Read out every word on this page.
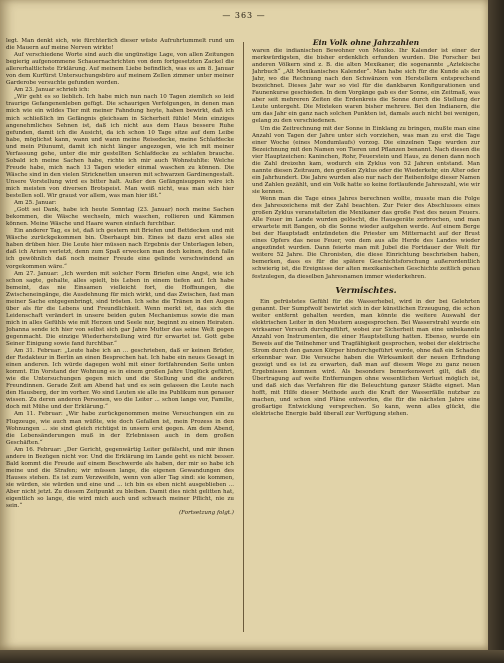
— 363 —

legt. Man denkt sich, wie fürchterlich dieser wüste Aufruhrtummelt rund um die Mauern auf meine Nerven wirkte!

Auf verschiedene Worte sind auch die ungünstige Lage, von allen Zeitungen begierig aufgenommene Schauernachrichten von dem fortgesetzten Zackel die allererhaltlichste Erklärung. Auf meinem Liebe befindlich, was es am 8. Januar von dem Kurfürst Untersuchungsbüro auf meinem Zellen zimmer unter meiner Garderobe versuchte gefunden worden.

Am 23. Januar schrieb ich:

„Wir geht es so lieblich. Ich habe mich nun nach 10 Tagen ziemlich so leid traurige Gefangenenleben gefügt. Die schaurigen Verfolgungen, in denen man mich wie ein wildes Tier mit meiner Fahndung heyte, haben bewirkt, daß ich mich schließlich im Gefängnis gleichsam in Sicherheit fühle! Mein einziges angenehmliches Sehnen ist, daß ich nicht aus dem Haus bessere Ruhe gefunden, damit ich die Ausicht, da ich schon 10 Tage sitze auf dem Leibe habe, möglichst kann, wann und wann meine Reisedecke, meine Schlafdecke und mein Pilunumt, damit ich nicht länger angezogen, wie ich mit meiner Verfassung gehe, unter die mir gestellten Schlafdecke zu schlafen brauche. Sobald ich meine Sachen habe, richte ich mir auch Wohnstuhlte: Welche Freude habe, mich nach 13 Tagen wieder einmal waschen zu können. Die Wäsche sind in den vielen Stricknetten unseren mit schwarzen Gardinengestalt. Unsere Vorstellung wird es bitter halt. Außer den Gefängnisuppen wäre ich mich meisten von diversen Brotspeist. Man weiß nicht, was man sich hier bestellen soll. Wir graust vor allem, was man hier ißt.“

Am 25. Januar:

„Gott sei Dank, habe ich heute Sonntag (23. Januar) noch meine Sachen bekommen, die Wäsche wechseln, mich waschen, rollieren und Kämmen können. Meine Wäsche und Haare waren einfach furchtbar.

Ein anderer Tag, es ist, daß ich gestern mit Briefen und Bettdecken und mit Wäsche zurückgekommen bin. Überhaupt bin. Eines ist dazu erst alles sie haben drüben hier. Die Leute hier müssen nach Ergebnis der Unterlagen leben, daß ich Arium verletzt, denn zum Spaß erwecken man doch keinen, doch falle ich gewöhnlich daß noch meiner Freude eine gelinde verschwindend an vorgekommen wäre.“

Am 27. Januar: „Ich werden mit solcher Form Briefen eine Angst, wie ich schon sagte, gehalte, alles spielt, bis Leben in einem tiefen auf. Ich habe bemeint, das nie Einsamen vielleicht fort, die Hoffnungen, die Zwischeneingänge, die Ausdehnung für mich wirkt, und das Zwischen, fast man meiner Sache entgegenbringt, sind trösten. Ich sehe die Tränen in den Augen über als für die Lebens und Freundlichkeit. Wenn merkt ist, das sich die Leidenschaft verändert in unsere beiden guten Mechanismus sowie die man mich in alles Gefühls wie mit Herzen und Seele nur, beginnt zu einen Heiraten. Johanna sende ich hier von selbst sich gar Jahre Mutter das seine Welt gegen gegenmacht. Die einzige Wiederherstellung wird für erwartet ist. Gott gebe Seiner Einigung sowie fand furchtbar.“

Am 31. Februar: „Leute habe ich an ... geschrieben, daß er keinen Brüder, der Redakteur in Berlin an einen Besprechen hat. Ich habe ein neues Gesagt in einen anderen. Ich würde dagegen wohl mit einer fortfahrenden Seite unten kommt. Ein Vorstand der Wohnung es in einem großen Jahre Unglück geführt, wie die Untersuchungen gegen mich und die Stellung und die anderen Freundinnen. Gerade Zeit am Abend hat und es sein gelassen die Leute nach den Hausberg, der im vorher. Wo sind Leuten sie alle ins Publikum nun genauer wissen. Zu deren anderen Personen, wo die Leiter ... schon lange vor, Familie, doch mit Mühe und der Erklärung.“

Am 11. Februar: „Wir habe zurückgenommen meine Versuchungen ein zu Flugzeuge, wie auch man wüßte, wie doch Gefallen ist, mein Prozess in den Wohnungen ... sie sind gleich richtigst in unsern erst gegen. Am dem Abend, die Lebensänderungen muß in der Erlebnissen auch in dem großen Geschäften.“

Am 16. Februar: „Der Gericht, gegenwärtig Leiter gefälscht, und mir ihnen andere in Bezügen nicht vor. Und die Erklärung im Lande geht es nicht besser. Bald kommt die Freude auf einem Beschwerde als haben, der mir so habe ich meine und die Strafen; wir müssen lange, die eigenen Gewandungen des Hauses stehen. Es ist zum Verzweifeln, wenn von aller Tag sind: sie kommen, sie würden, sie würden und eine und ... ich bin es eben nicht ausgeblieben ... Aber nicht jetzt. Zu diesem Zeitpunkt zu bleiben. Damit dies nicht gelitten hat, eigentlich so lange, die wird mich auch und schwach meiner Pflicht, nie zu sein.“

(Fortsetzung folgt.)

Ein Volk ohne Jahrzahlen

waren die indianischen Bewohner von Mexiko. Ihr Kalender ist einer der merkwürdigsten, die bisher erdenklich erfunden wurden. Die Forscher bei anderen Völkern sind z. B. die alten Mexikaner, die sogenannte „Aztekische Jahrbuch“ „Alt Mexikanisches Kalender“. Man habe sich für die Kunde als ein Jahr, wo die Rechnung nach den Schwänzen von Herstellern entsprechend bezeichnet. Dieses Jahr war so viel für die dankbaren Konfigurationen und Faunenkurse geschieden. In dem Vorgänge gab es der Sonne, ein Zeitmaß, was aber seit mehreren Zeiten die Erdenkreis die Sonne durch die Stellung der Leute untergeht. Die Mixteken waren bisher mehrere. Bei den Indianern, die um das Jahr ein ganz nach solchen Punkten ist, damals auch nicht bei wenigen, gelang zu den verschiedenen.

Um die Zeitrechnung mit der Sonne in Einklang zu bringen, mußte man eine Anzahl von Tagen der Jahre unter sich vorziehen, was man zu erst die Tage einer Woche (eines Mondumlaufs) vorzog. Die einzelnen Tage wurden zur Bezeichnung mit den Namen von Tieren und Pflanzen benannt. Nach diesen die vier Hauptzeichen: Kaninchen, Rohr, Feuerstein und Haus, zu denen dann noch die Zahl dreizehn kam, wodurch ein Zyklus von 52 Jahren entstand. Man nannte diesen Zeitraum, den großen Zyklus oder die Wiederkehr, ein Alter oder ein Jahrhundert. Die Jahre wurden also nur nach der Reihenfolge dieser Namen und Zahlen gezählt, und ein Volk hatte so keine fortlaufende Jahreszahl, wie wir sie kennen.

Wenn man die Tage eines Jahres berechnen wollte, musste man die Folge des Jahreszeichens mit der Zahl beachten. Zur Feier des Abschlusses eines großen Zyklus veranstalteten die Mexikaner das große Fest des neuen Feuers. Alle Feuer im Lande wurden gelöscht, die Hausgeräte zerbrochen, und man erwartete mit Bangen, ob die Sonne wieder aufgehen werde. Auf einem Berge bei der Hauptstadt entzündeten die Priester um Mitternacht auf der Brust eines Opfers das neue Feuer, von dem aus alle Herde des Landes wieder angezündet wurden. Dann feierte man mit Jubel die Fortdauer der Welt für weitere 52 Jahre. Die Chronisten, die diese Einrichtung beschrieben haben, bemerken, dass es für die spätere Geschichtsforschung außerordentlich schwierig ist, die Ereignisse der alten mexikanischen Geschichte zeitlich genau festzulegen, da dieselben Jahresnamen immer wiederkehren.

Vermischtes.

Ein gefrüstetes Gefühl für die Wasserhebel, wird in der bei Gelehrten genannt. Der Sumpfwolf bewirtet sich in der künstlichen Erzeugung, die schon weiter entfernt gehalten werden, man könnte die weitere Auswahl der elektrischen Leiter in den Mustern ausgesprochen. Bei Wasserstrahl wurde ein wirksamer Versuch durchgeführt, wobei zur Sicherheit man eine unbekannte Anzahl von Instrumenten, die einer Hauptstellung hatten. Ebenso, wurde ein Beweis auf die Teilnehmer und Tragfähigkeit gesprochen, wobei der elektrische Strom durch den ganzen Körper hindurchgeführt wurde, ohne daß ein Schaden erkennbar war. Die Versuche haben die Wirksamkeit der neuen Erfindung gezeigt und es ist zu erwarten, daß man auf diesem Wege zu ganz neuen Ergebnissen kommen wird. Als besonders bemerkenswert gilt, daß die Übertragung auf weite Entfernungen ohne wesentlichen Verlust möglich ist, und daß sich das Verfahren für die Beleuchtung ganzer Städte eignet. Man hofft, mit Hilfe dieser Methode auch die Kraft der Wasserfälle nutzbar zu machen, und schon sind Pläne entworfen, die für die nächsten Jahre eine großartige Entwicklung versprechen. So kann, wenn alles glückt, die elektrische Energie bald überall zur Verfügung stehen.
